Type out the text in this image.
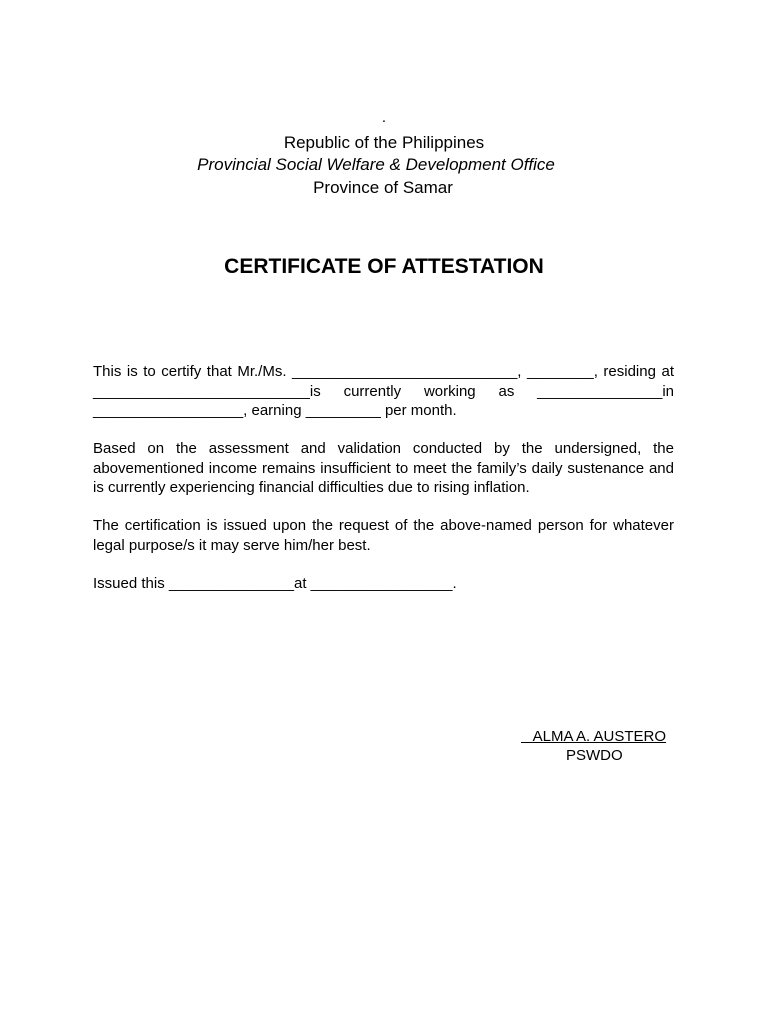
.
Republic of the Philippines
Provincial Social Welfare & Development Office
Province of Samar
CERTIFICATE OF ATTESTATION

This is to certify that Mr./Ms. ___________________________, ________, residing at __________________________is currently working as _______________in __________________, earning _________ per month.

Based on the assessment and validation conducted by the undersigned, the abovementioned income remains insufficient to meet the family’s daily sustenance and is currently experiencing financial difficulties due to rising inflation.

The certification is issued upon the request of the above-named person for whatever legal purpose/s it may serve him/her best.

Issued this _______________at _________________.

ALMA A. AUSTERO
PSWDO
